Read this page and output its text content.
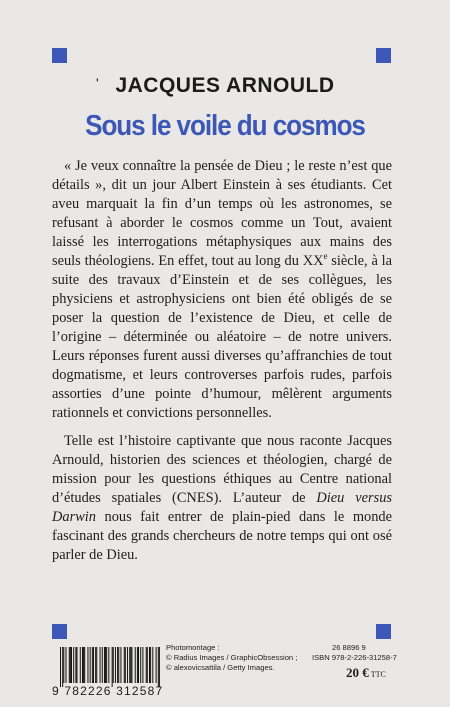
' JACQUES ARNOULD
Sous le voile du cosmos

« Je veux connaître la pensée de Dieu ; le reste n’est que détails », dit un jour Albert Einstein à ses étudiants. Cet aveu marquait la fin d’un temps où les astronomes, se refusant à aborder le cosmos comme un Tout, avaient laissé les interrogations métaphysiques aux mains des seuls théologiens. En effet, tout au long du XXe siècle, à la suite des travaux d’Einstein et de ses collègues, les physiciens et astrophysiciens ont bien été obligés de se poser la question de l’existence de Dieu, et celle de l’origine – déterminée ou aléatoire – de notre univers. Leurs réponses furent aussi diverses qu’affranchies de tout dogmatisme, et leurs controverses parfois rudes, parfois assorties d’une pointe d’humour, mêlèrent arguments rationnels et convictions personnelles.

Telle est l’histoire captivante que nous raconte Jacques Arnould, historien des sciences et théologien, chargé de mission pour les questions éthiques au Centre national d’études spatiales (CNES). L’auteur de Dieu versus Darwin nous fait entrer de plain-pied dans le monde fascinant des grands chercheurs de notre temps qui ont osé parler de Dieu.

9 782226 312587
Photomontage :
© Radius Images / GraphicObsession ;
© alexovicsattila / Getty Images.
26 8896 9
ISBN 978-2-226-31258-7
20 € TTC
